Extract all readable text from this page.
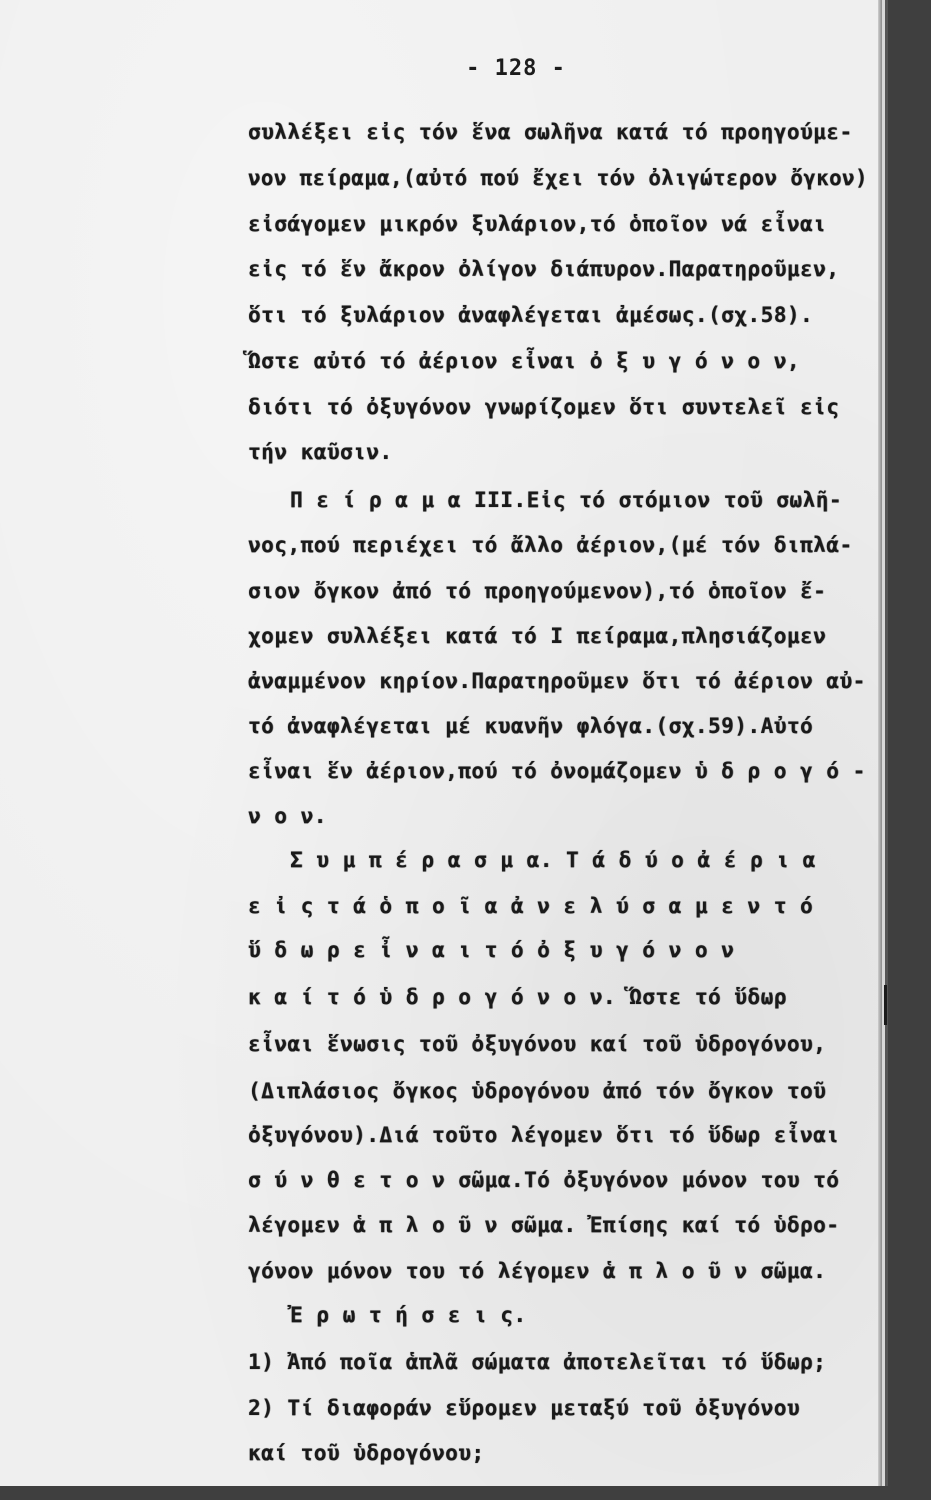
- 128 -
συλλέξει εἰς τόν ἕνα σωλῆνα κατά τό προηγούμε-
νον πείραμα,(αὐτό πού ἔχει τόν ὀλιγώτερον ὄγκον)
εἰσάγομεν μικρόν ξυλάριον,τό ὁποῖον νά εἶναι
εἰς τό ἕν ἄκρον ὀλίγον διάπυρον.Παρατηροῦμεν,
ὅτι τό ξυλάριον ἀναφλέγεται ἀμέσως.(σχ.58).
Ὥστε αὐτό τό ἀέριον εἶναι ὀ ξ υ γ ό ν ο ν,
διότι τό ὀξυγόνον γνωρίζομεν ὅτι συντελεῖ εἰς
τήν καῦσιν.
Π ε ί ρ α μ α III.Εἰς τό στόμιον τοῦ σωλῆ-
νος,πού περιέχει τό ἄλλο ἀέριον,(μέ τόν διπλά-
σιον ὄγκον ἀπό τό προηγούμενον),τό ὁποῖον ἔ-
χομεν συλλέξει κατά τό I πείραμα,πλησιάζομεν
ἀναμμένον κηρίον.Παρατηροῦμεν ὅτι τό ἀέριον αὐ-
τό ἀναφλέγεται μέ κυανῆν φλόγα.(σχ.59).Αὐτό
εἶναι ἕν ἀέριον,πού τό ὀνομάζομεν ὑ δ ρ ο γ ό -
ν ο ν.
Σ υ μ π έ ρ α σ μ α. Τ ά δ ύ ο ἀ έ ρ ι α
ε ἰ ς τ ά ὁ π ο ῖ α ἀ ν ε λ ύ σ α μ ε ν τ ό
ὕ δ ω ρ ε ἶ ν α ι τ ό ὀ ξ υ γ ό ν ο ν
κ α ί τ ό ὑ δ ρ ο γ ό ν ο ν. Ὥστε τό ὕδωρ
εἶναι ἕνωσις τοῦ ὀξυγόνου καί τοῦ ὑδρογόνου,
(Διπλάσιος ὄγκος ὑδρογόνου ἀπό τόν ὄγκον τοῦ
ὀξυγόνου).Διά τοῦτο λέγομεν ὅτι τό ὕδωρ εἶναι
σ ύ ν θ ε τ ο ν σῶμα.Τό ὀξυγόνον μόνον του τό
λέγομεν ἁ π λ ο ῦ ν σῶμα. Ἐπίσης καί τό ὑδρο-
γόνον μόνον του τό λέγομεν ἁ π λ ο ῦ ν σῶμα.
Ἐ ρ ω τ ή σ ε ι ς.
1) Ἀπό ποῖα ἁπλᾶ σώματα ἀποτελεῖται τό ὕδωρ;
2) Τί διαφοράν εὕρομεν μεταξύ τοῦ ὀξυγόνου
καί τοῦ ὑδρογόνου;
